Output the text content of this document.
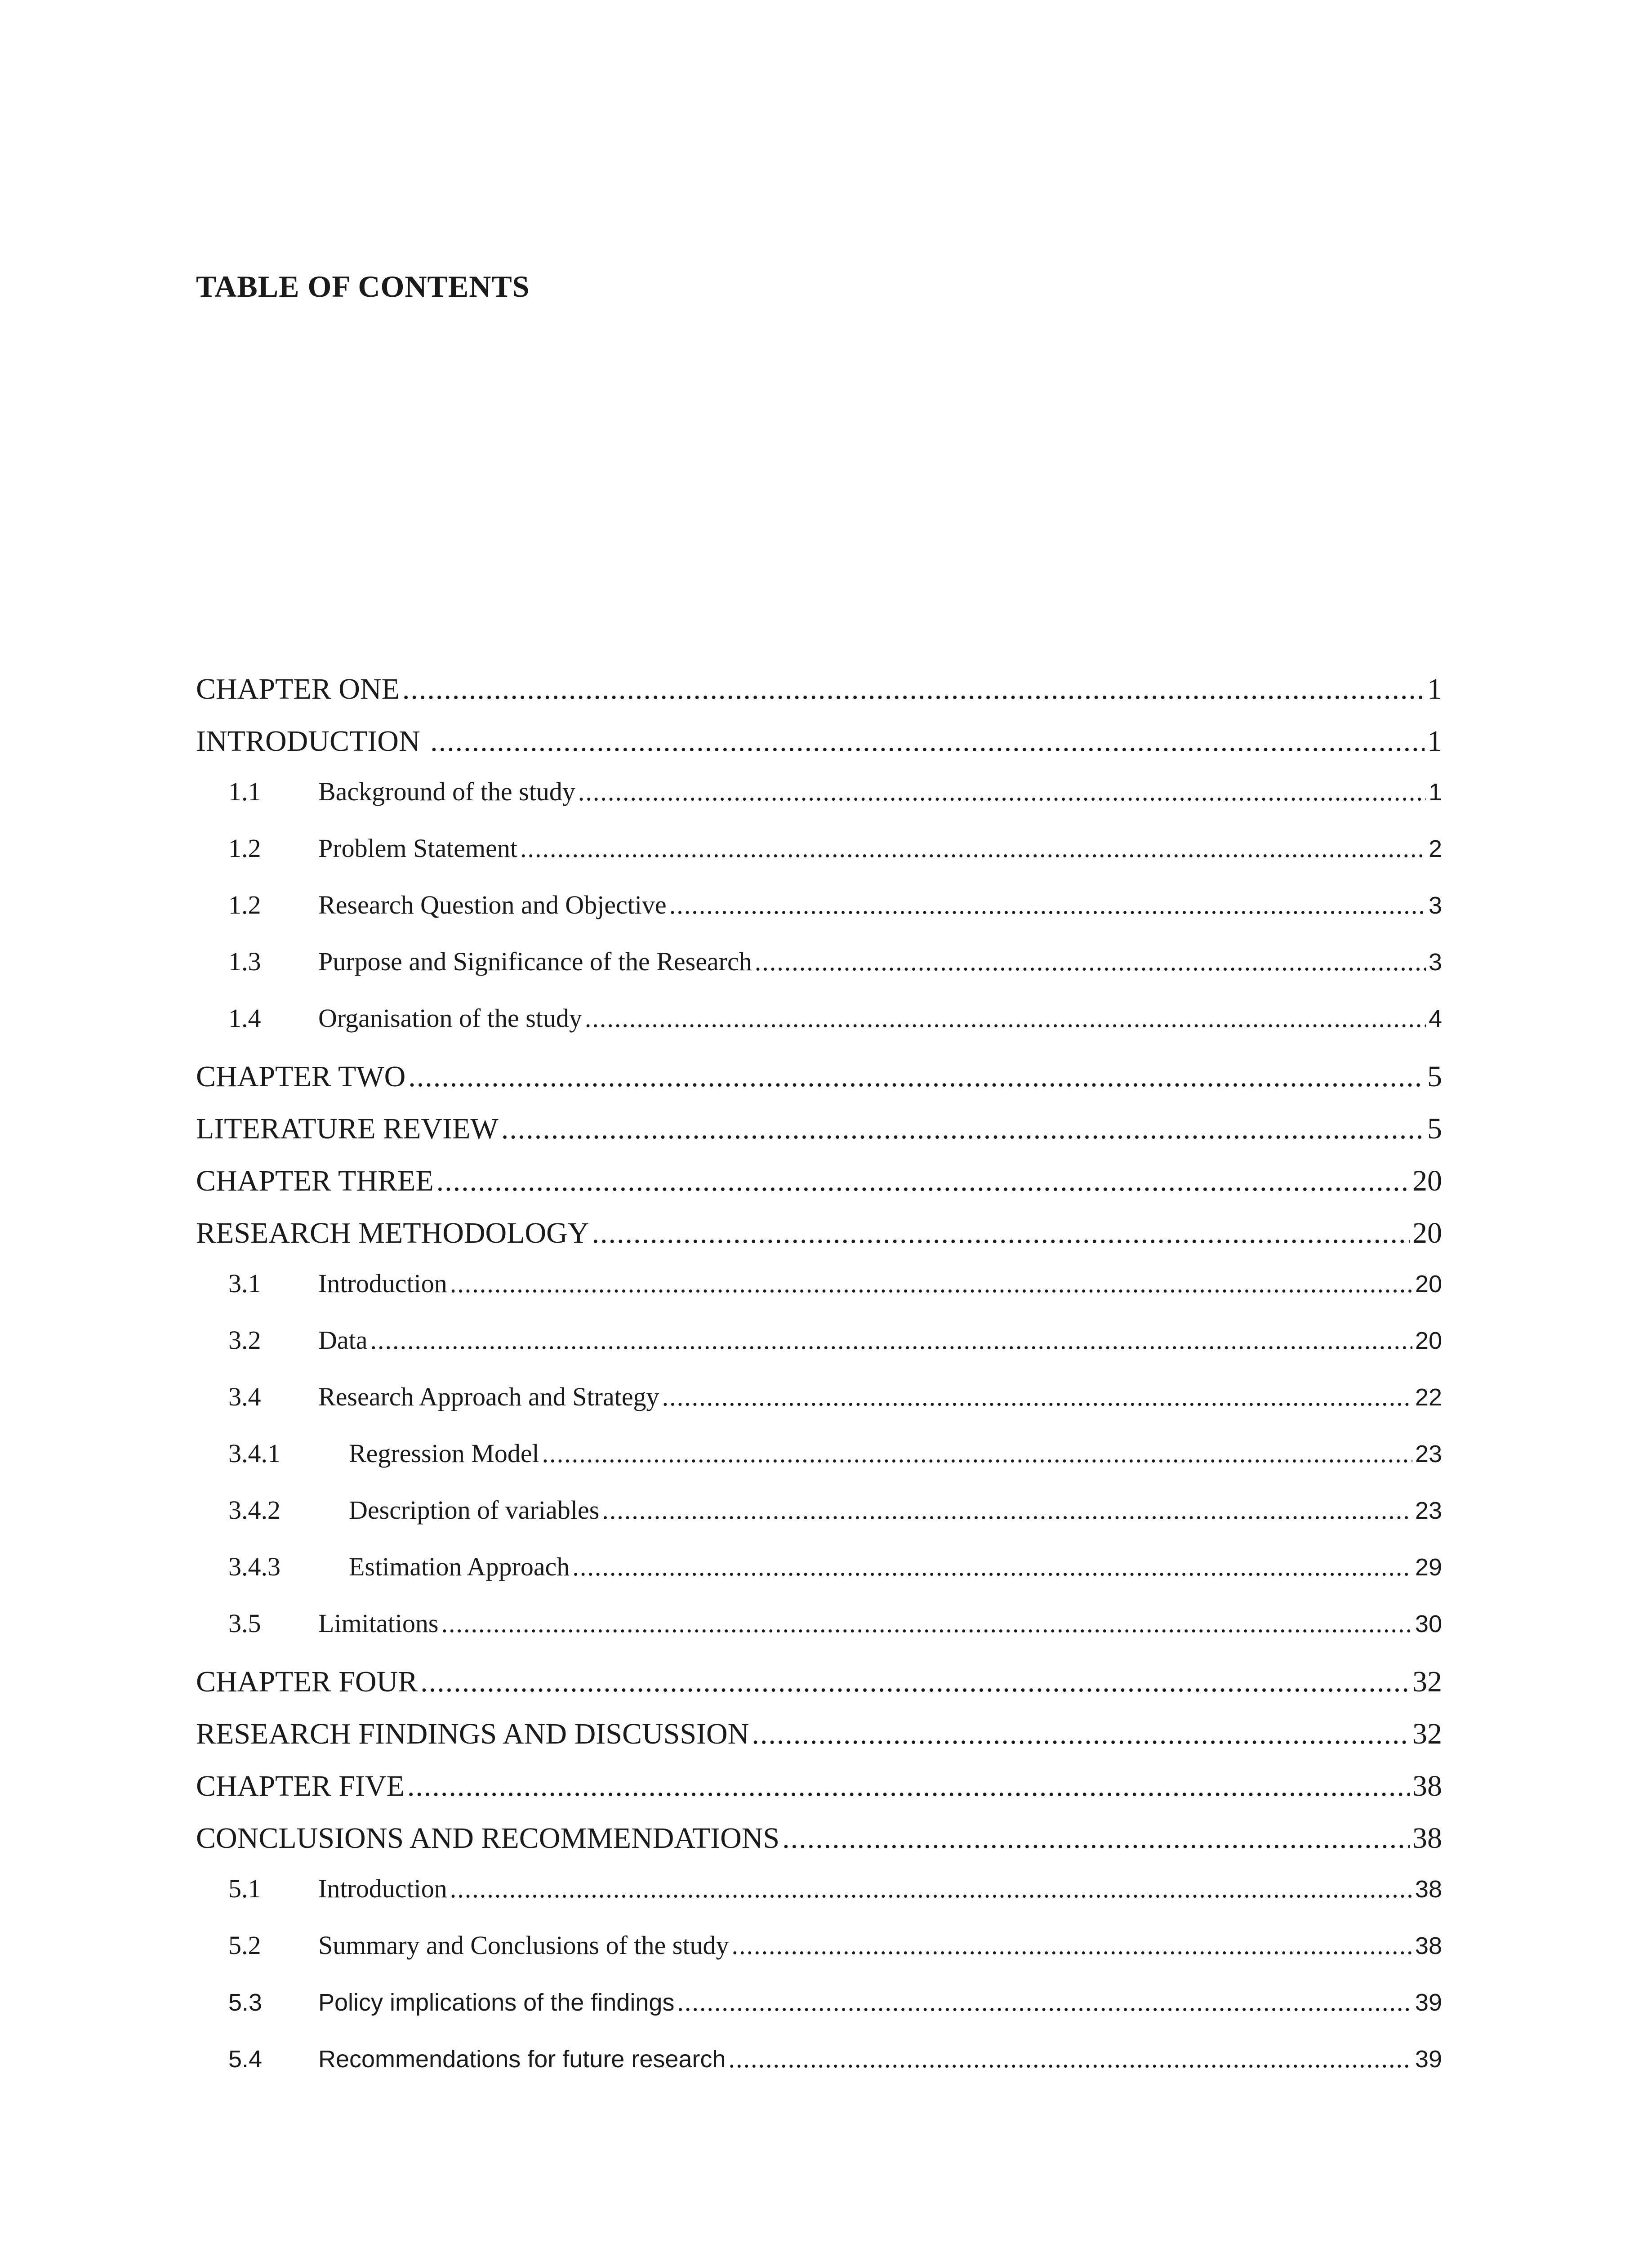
TABLE OF CONTENTS
CHAPTER ONE .....	1
INTRODUCTION .....	1
1.1	Background of the study .....	1
1.2	Problem Statement .....	2
1.2	Research Question and Objective .....	3
1.3	Purpose and Significance of the Research .....	3
1.4	Organisation of the study .....	4
CHAPTER TWO .....	5
LITERATURE REVIEW .....	5
CHAPTER THREE .....	20
RESEARCH METHODOLOGY .....	20
3.1	Introduction .....	20
3.2	Data .....	20
3.4	Research Approach and Strategy .....	22
3.4.1	Regression Model .....	23
3.4.2	Description of variables .....	23
3.4.3	Estimation Approach .....	29
3.5	Limitations .....	30
CHAPTER FOUR .....	32
RESEARCH FINDINGS AND DISCUSSION .....	32
CHAPTER FIVE .....	38
CONCLUSIONS AND RECOMMENDATIONS .....	38
5.1	Introduction .....	38
5.2	Summary and Conclusions of the study .....	38
5.3	Policy implications of the findings .....	39
5.4	Recommendations for future research .....	39
